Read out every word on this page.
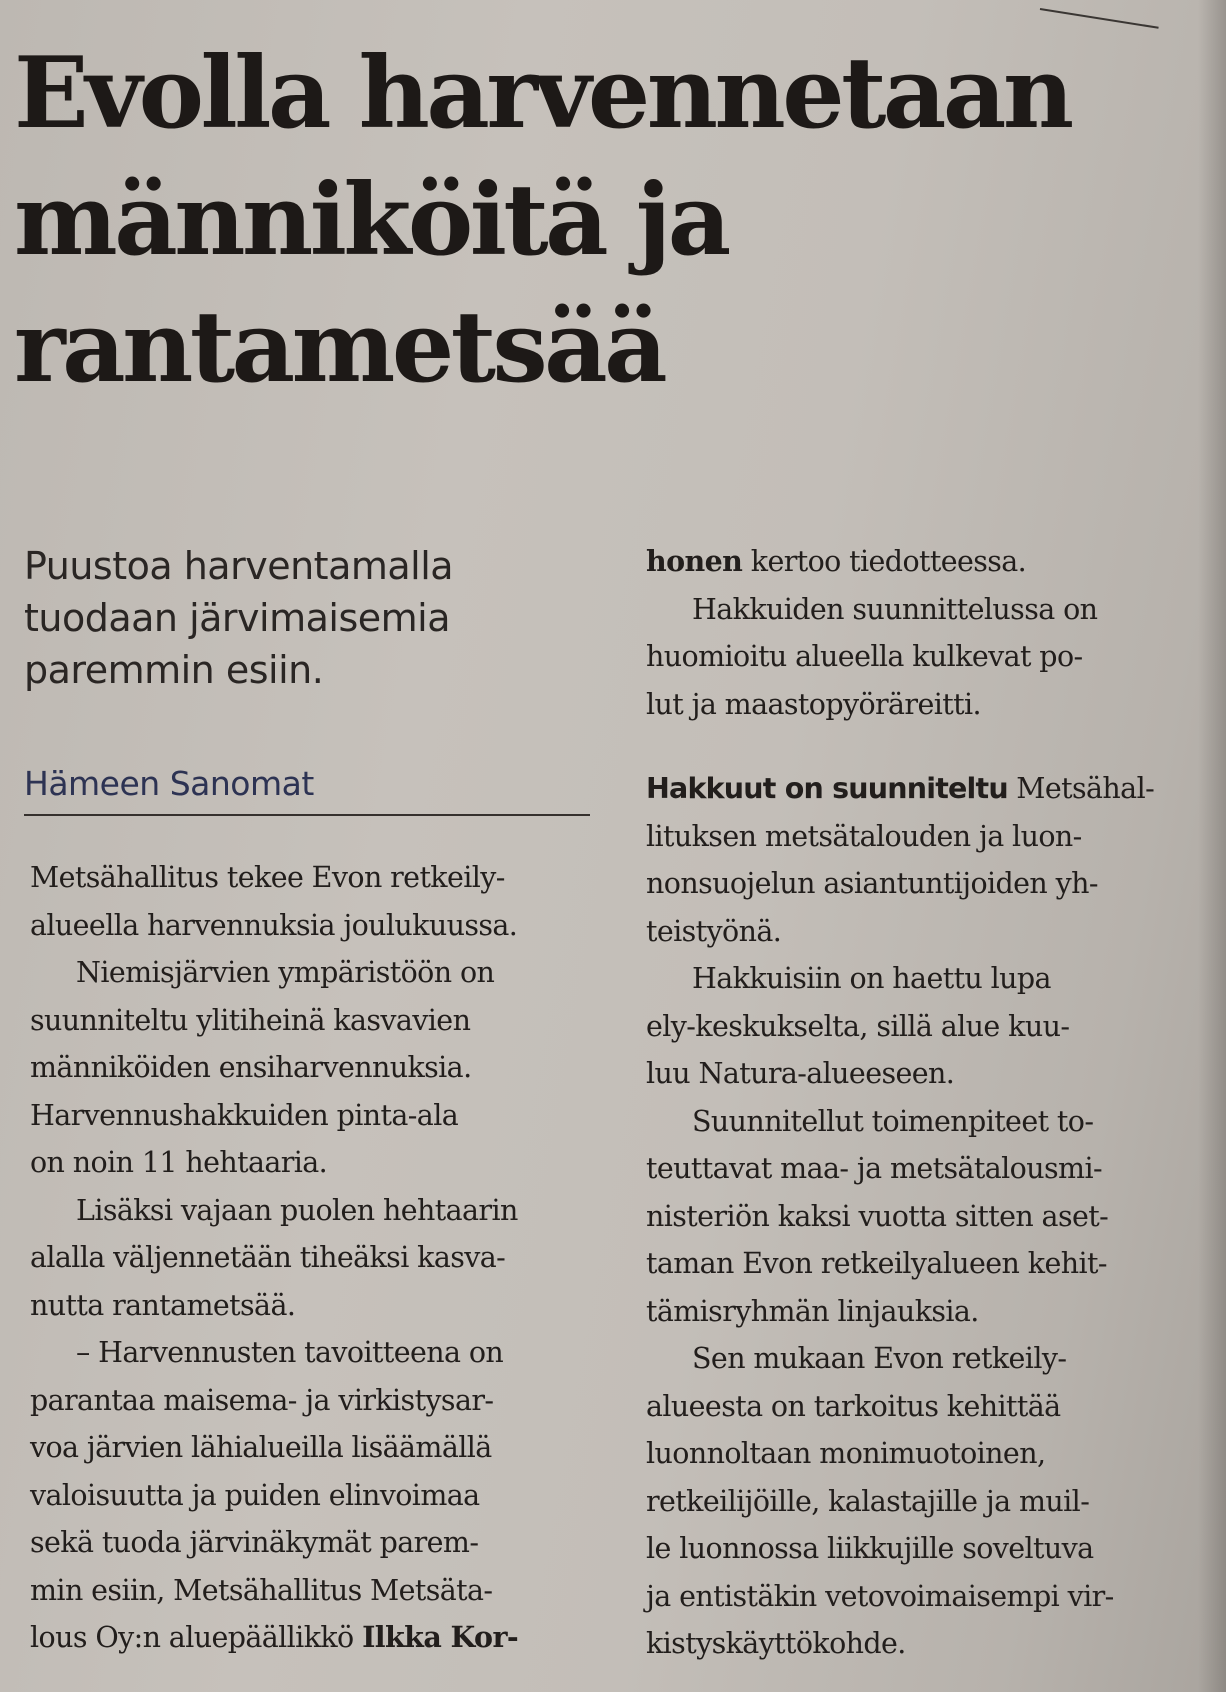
Evolla harvennetaan
männiköitä ja
rantametsää
Puustoa harventamalla
tuodaan järvimaisemia
paremmin esiin.
Hämeen Sanomat
Metsähallitus tekee Evon retkeily-
alueella harvennuksia joulukuussa.
Niemisjärvien ympäristöön on
suunniteltu ylitiheinä kasvavien
männiköiden ensiharvennuksia.
Harvennushakkuiden pinta-ala
on noin 11 hehtaaria.
Lisäksi vajaan puolen hehtaarin
alalla väljennetään tiheäksi kasva-
nutta rantametsää.
– Harvennusten tavoitteena on
parantaa maisema- ja virkistysar-
voa järvien lähialueilla lisäämällä
valoisuutta ja puiden elinvoimaa
sekä tuoda järvinäkymät parem-
min esiin, Metsähallitus Metsäta-
lous Oy:n aluepäällikkö Ilkka Kor-
honen kertoo tiedotteessa.
Hakkuiden suunnittelussa on
huomioitu alueella kulkevat po-
lut ja maastopyöräreitti.
Hakkuut on suunniteltu Metsähal-
lituksen metsätalouden ja luon-
nonsuojelun asiantuntijoiden yh-
teistyönä.
Hakkuisiin on haettu lupa
ely-keskukselta, sillä alue kuu-
luu Natura-alueeseen.
Suunnitellut toimenpiteet to-
teuttavat maa- ja metsätalousmi-
nisteriön kaksi vuotta sitten aset-
taman Evon retkeilyalueen kehit-
tämisryhmän linjauksia.
Sen mukaan Evon retkeily-
alueesta on tarkoitus kehittää
luonnoltaan monimuotoinen,
retkeilijöille, kalastajille ja muil-
le luonnossa liikkujille soveltuva
ja entistäkin vetovoimaisempi vir-
kistyskäyttökohde.
